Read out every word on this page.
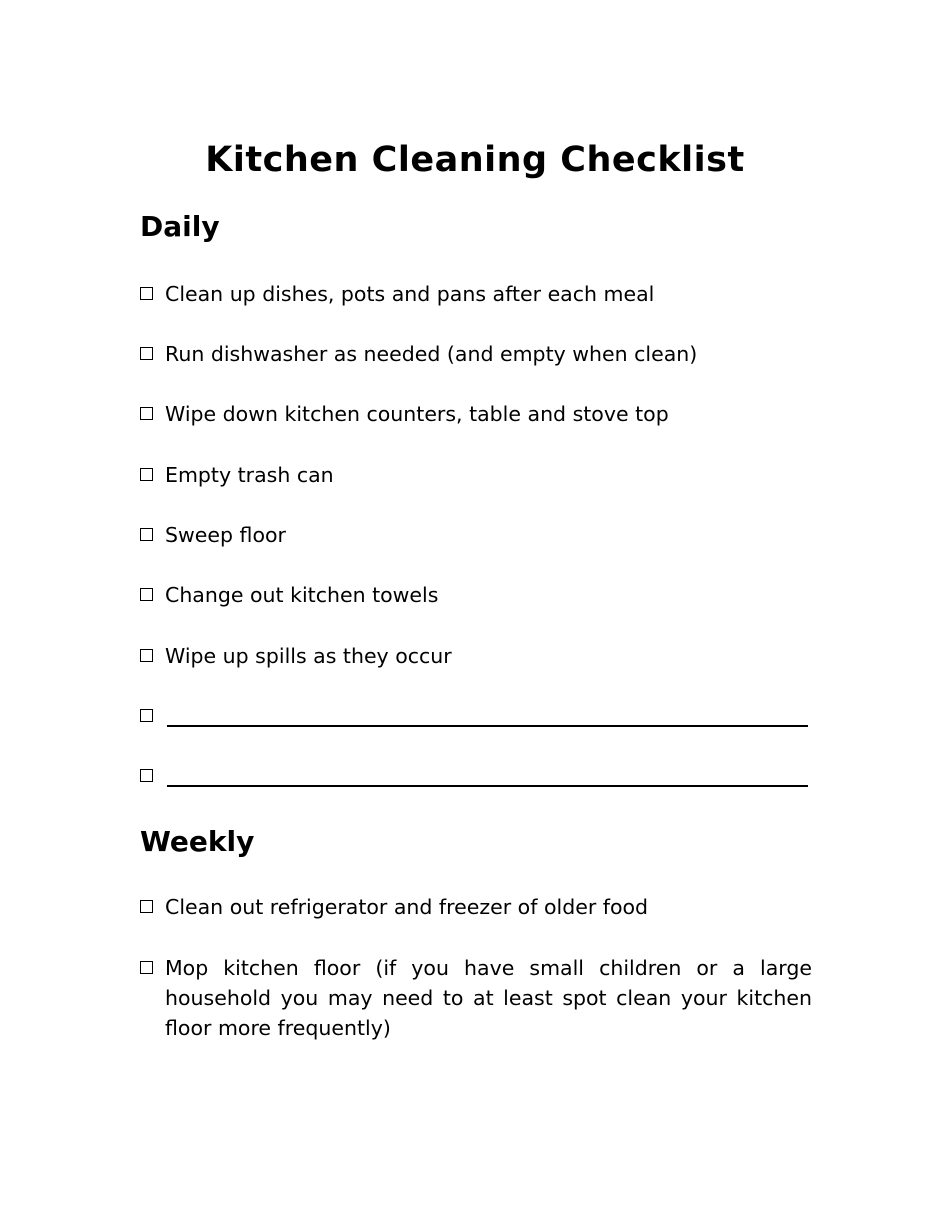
Kitchen Cleaning Checklist
Daily
Clean up dishes, pots and pans after each meal
Run dishwasher as needed (and empty when clean)
Wipe down kitchen counters, table and stove top
Empty trash can
Sweep floor
Change out kitchen towels
Wipe up spills as they occur
Weekly
Clean out refrigerator and freezer of older food
Mop kitchen floor (if you have small children or a large household you may need to at least spot clean your kitchen floor more frequently)
